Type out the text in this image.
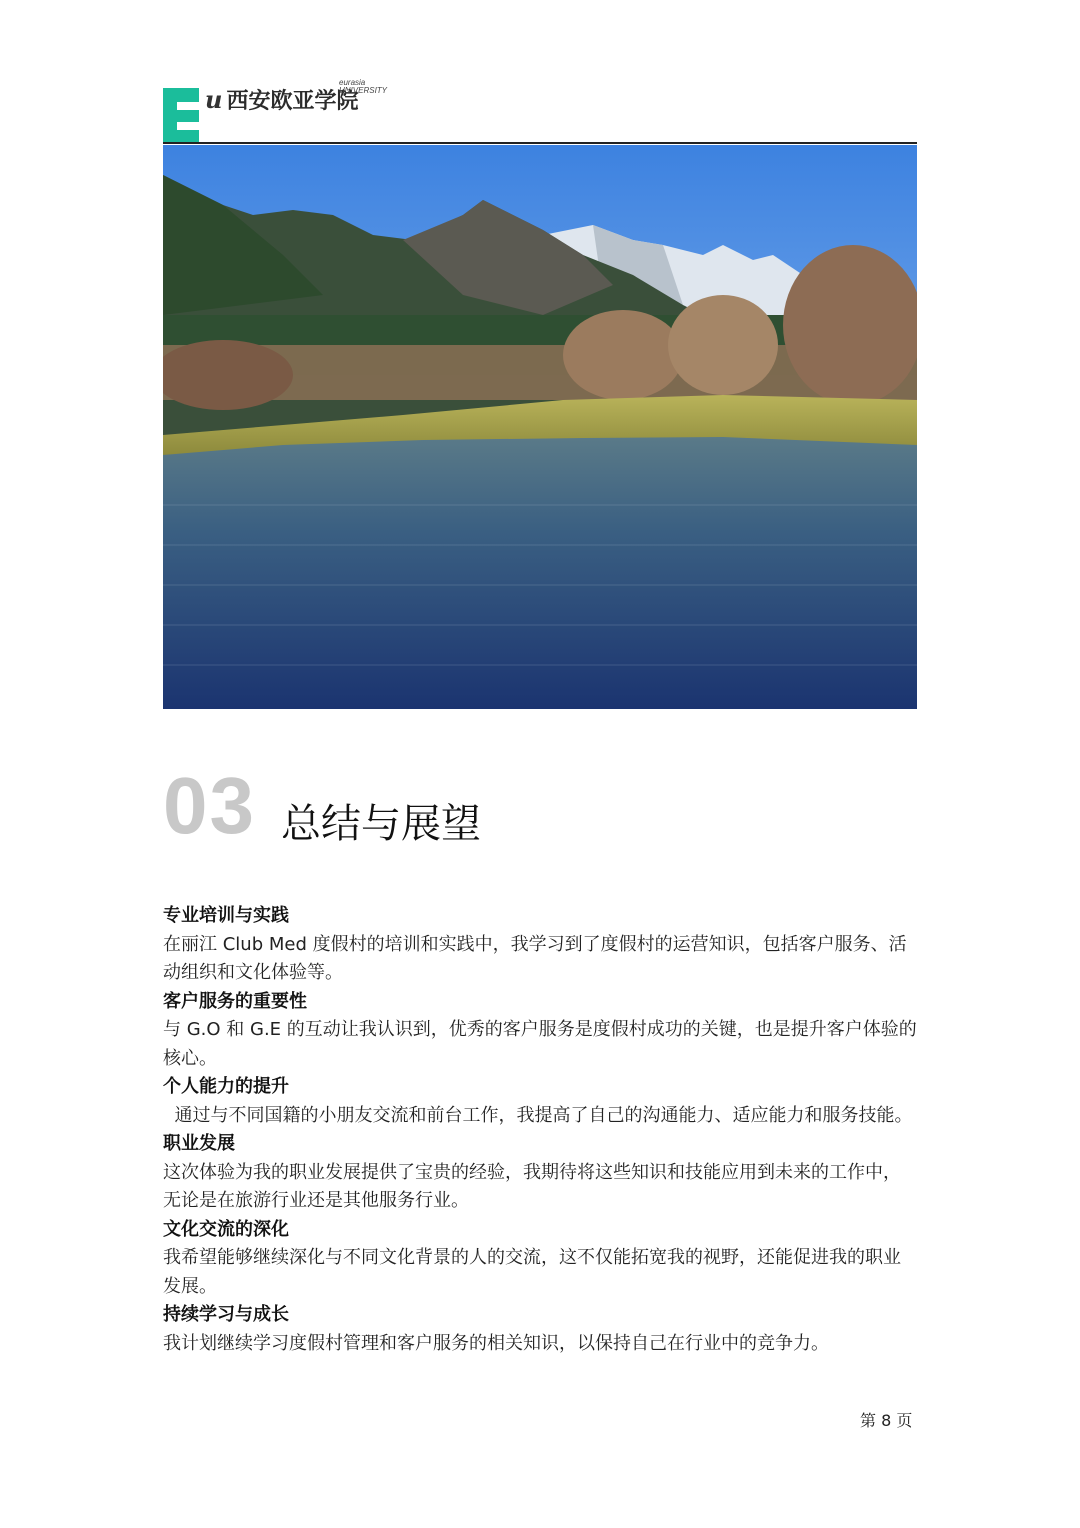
u 西安欧亚学院
eurasia
UNIVERSITY
03 总结与展望
专业培训与实践
在丽江 Club Med 度假村的培训和实践中，我学习到了度假村的运营知识，包括客户服务、活动组织和文化体验等。
客户服务的重要性
与 G.O 和 G.E 的互动让我认识到，优秀的客户服务是度假村成功的关键，也是提升客户体验的核心。
个人能力的提升
通过与不同国籍的小朋友交流和前台工作，我提高了自己的沟通能力、适应能力和服务技能。
职业发展
这次体验为我的职业发展提供了宝贵的经验，我期待将这些知识和技能应用到未来的工作中，无论是在旅游行业还是其他服务行业。
文化交流的深化
我希望能够继续深化与不同文化背景的人的交流，这不仅能拓宽我的视野，还能促进我的职业发展。
持续学习与成长
我计划继续学习度假村管理和客户服务的相关知识，以保持自己在行业中的竞争力。
第 8 页
